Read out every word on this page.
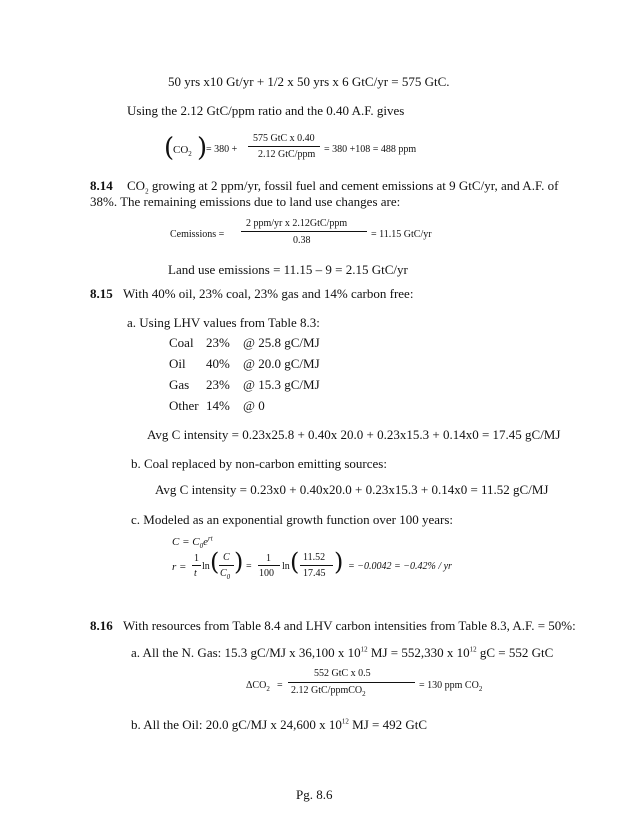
50 yrs x10 Gt/yr + 1/2 x 50 yrs x 6 GtC/yr = 575 GtC.
Using the 2.12 GtC/ppm ratio and the 0.40 A.F. gives
(
$CO_2$ )
= 380 +
575 GtC x 0.40
2.12 GtC/ppm = 380 +108 = 488 ppm
8.14 $CO_2$ growing at 2 ppm/yr, fossil fuel and cement emissions at 9 GtC/yr, and A.F. of
38%. The remaining emissions due to land use changes are:
Cemissions =
2 ppm/yr x 2.12GtC/ppm
0.38
= 11.15 GtC/yr
Land use emissions = 11.15 – 9 = 2.15 GtC/yr
8.15 With 40% oil, 23% coal, 23% gas and 14% carbon free:
a. Using LHV values from Table 8.3:
Coal 23% @ 25.8 gC/MJ
Oil 40% @ 20.0 gC/MJ
Gas 23% @ 15.3 gC/MJ
Other 14% @ 0
Avg C intensity = 0.23x25.8 + 0.40x 20.0 + 0.23x15.3 + 0.14x0 = 17.45 gC/MJ
b. Coal replaced by non-carbon emitting sources:
Avg C intensity = 0.23x0 + 0.40x20.0 + 0.23x15.3 + 0.14x0 = 11.52 gC/MJ
c. Modeled as an exponential growth function over 100 years:
$C = C_0e^{rt}$
r =
1
t
ln ( C
$C_0$
) =
1
100
ln ( 11.52
17.45 ) = −0.0042 = −0.42% / yr
8.16 With resources from Table 8.4 and LHV carbon intensities from Table 8.3, A.F. = 50%:
a. All the N. Gas: 15.3 gC/MJ x 36,100 x $10^{12}$ MJ = 552,330 x $10^{12}$ gC = 552 GtC
$\Delta CO_2$ =
552 GtC x 0.5
2.12 GtC/ppmCO$_2$
= 130 ppm $CO_2$
b. All the Oil: 20.0 gC/MJ x 24,600 x $10^{12}$ MJ = 492 GtC
Pg. 8.6
